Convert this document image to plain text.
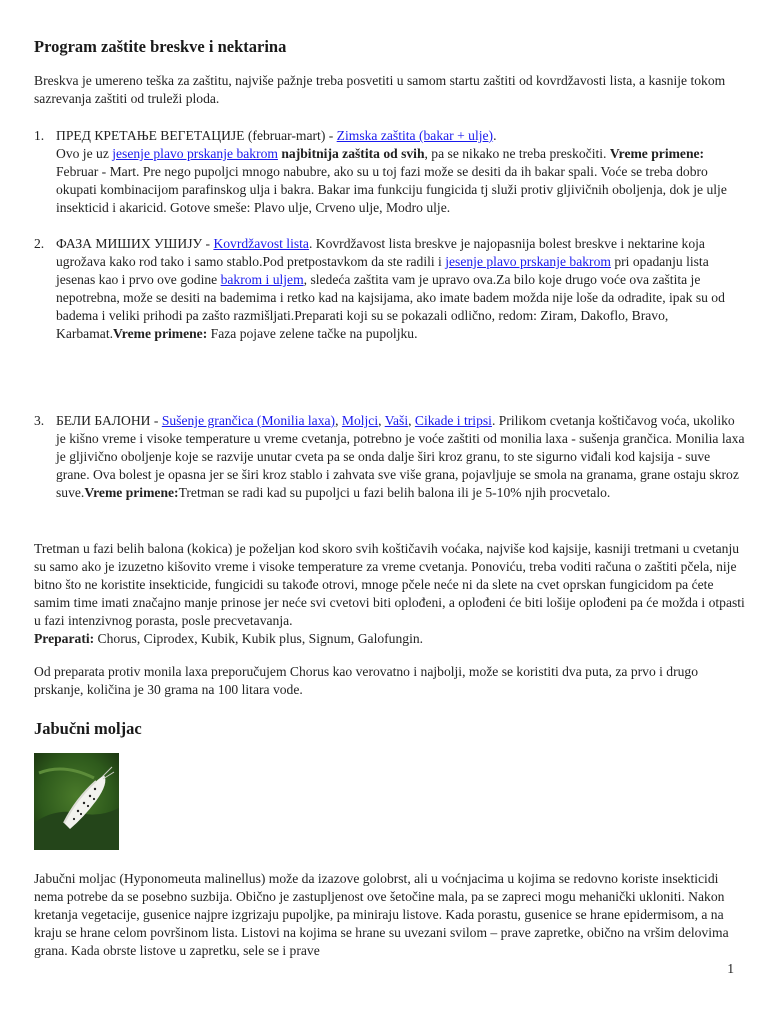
Program zaštite breskve i nektarina

Breskva je umereno teška za zaštitu, najviše pažnje treba posvetiti u samom startu zaštiti od kovrdžavosti lista, a kasnije tokom sazrevanja zaštiti od truleži ploda.

1. ПРЕД КРЕТАЊЕ ВЕГЕТАЦИЈЕ (februar-mart) - Zimska zaštita (bakar + ulje).
Ovo je uz jesenje plavo prskanje bakrom najbitnija zaštita od svih, pa se nikako ne treba preskočiti. Vreme primene: Februar - Mart. Pre nego pupoljci mnogo nabubre, ako su u toj fazi može se desiti da ih bakar spali. Voće se treba dobro okupati kombinacijom parafinskog ulja i bakra. Bakar ima funkciju fungicida tj služi protiv gljivičnih oboljenja, dok je ulje insekticid i akaricid. Gotove smeše: Plavo ulje, Crveno ulje, Modro ulje.

2. ФАЗА МИШИХ УШИЈУ - Kovrdžavost lista. Kovrdžavost lista breskve je najopasnija bolest breskve i nektarine koja ugrožava kako rod tako i samo stablo.Pod pretpostavkom da ste radili i jesenje plavo prskanje bakrom pri opadanju lista jesenas kao i prvo ove godine bakrom i uljem, sledeća zaštita vam je upravo ova.Za bilo koje drugo voće ova zaštita je nepotrebna, može se desiti na bademima i retko kad na kajsijama, ako imate badem možda nije loše da odradite, ipak su od badema i veliki prihodi pa zašto razmišljati.Preparati koji su se pokazali odlično, redom: Ziram, Dakoflo, Bravo, Karbamat.Vreme primene: Faza pojave zelene tačke na pupoljku.

3. БЕЛИ БАЛОНИ - Sušenje grančica (Monilia laxa), Moljci, Vaši, Cikade i tripsi. Prilikom cvetanja koštičavog voća, ukoliko je kišno vreme i visoke temperature u vreme cvetanja, potrebno je voće zaštiti od monilia laxa - sušenja grančica. Monilia laxa je gljivično oboljenje koje se razvije unutar cveta pa se onda dalje širi kroz granu, to ste sigurno viđali kod kajsija - suve grane. Ova bolest je opasna jer se širi kroz stablo i zahvata sve više grana, pojavljuje se smola na granama, grane ostaju skroz suve.Vreme primene:Tretman se radi kad su pupoljci u fazi belih balona ili je 5-10% njih procvetalo.

Tretman u fazi belih balona (kokica) je poželjan kod skoro svih koštičavih voćaka, najviše kod kajsije, kasniji tretmani u cvetanju su samo ako je izuzetno kišovito vreme i visoke temperature za vreme cvetanja. Ponoviću, treba voditi računa o zaštiti pčela, nije bitno što ne koristite insekticide, fungicidi su takođe otrovi, mnoge pčele neće ni da slete na cvet oprskan fungicidom pa ćete samim time imati značajno manje prinose jer neće svi cvetovi biti oplođeni, a oplođeni će biti lošije oplođeni pa će možda i otpasti u fazi intenzivnog porasta, posle precvetavanja.
Preparati: Chorus, Ciprodex, Kubik, Kubik plus, Signum, Galofungin.

Od preparata protiv monila laxa preporučujem Chorus kao verovatno i najbolji, može se koristiti dva puta, za prvo i drugo prskanje, količina je 30 grama na 100 litara vode.

Jabučni moljac

Jabučni moljac (Hyponomeuta malinellus) može da izazove golobrst, ali u voćnjacima u kojima se redovno koriste insekticidi nema potrebe da se posebno suzbija. Obično je zastupljenost ove šetočine mala, pa se zapreci mogu mehanički ukloniti. Nakon kretanja vegetacije, gusenice najpre izgrizaju pupoljke, pa miniraju listove. Kada porastu, gusenice se hrane epidermisom, a na kraju se hrane celom površinom lista. Listovi na kojima se hrane su uvezani svilom – prave zapretke, obično na vršim delovima grana. Kada obrste listove u zapretku, sele se i prave

1
